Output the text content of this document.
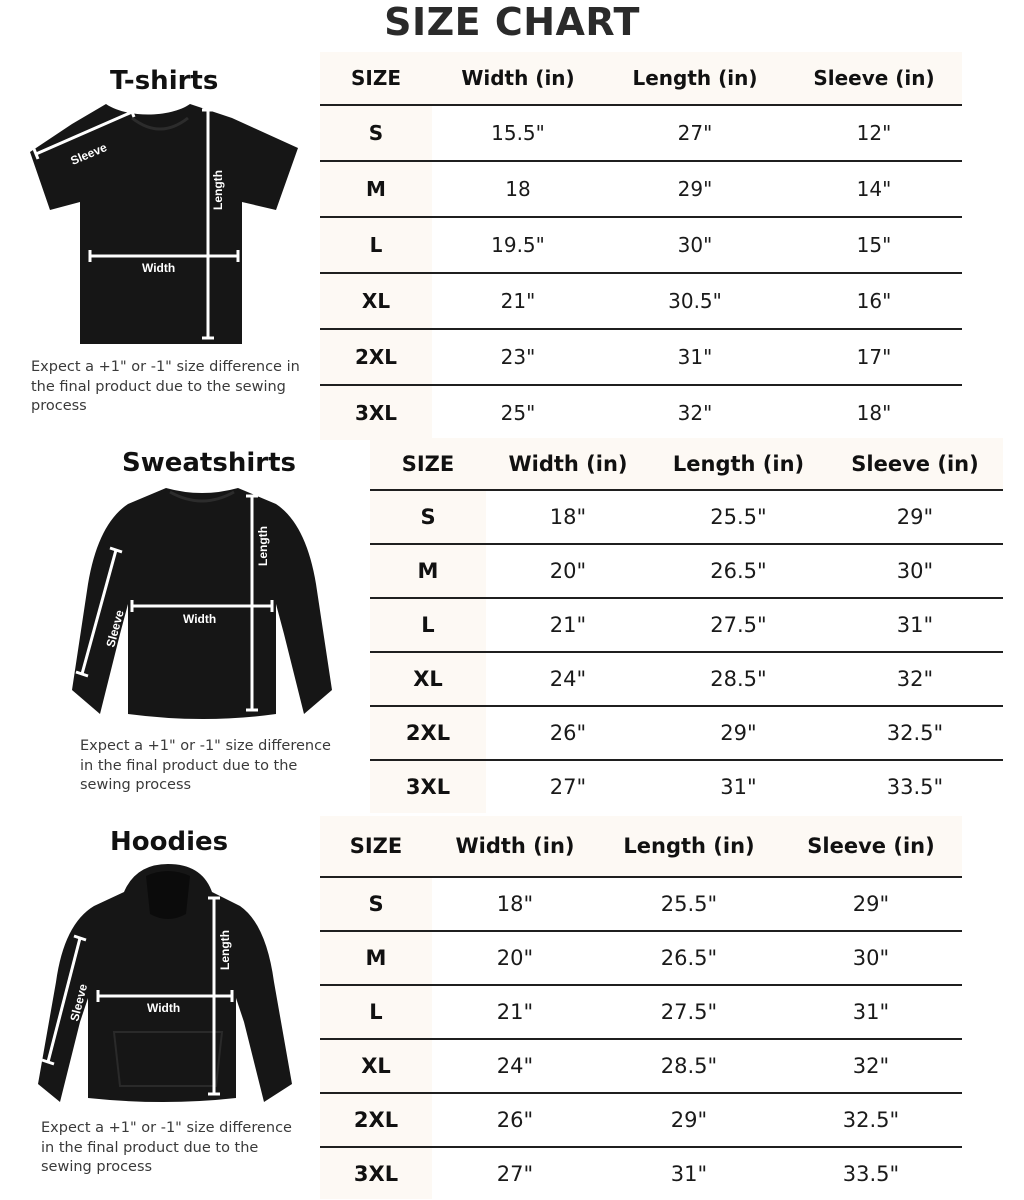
SIZE CHART
T-shirts
Sleeve
Length
Width
Expect a +1" or -1" size difference in the final product due to the sewing process
SIZE	Width (in)	Length (in)	Sleeve (in)
S	15.5"	27"	12"
M	18	29"	14"
L	19.5"	30"	15"
XL	21"	30.5"	16"
2XL	23"	31"	17"
3XL	25"	32"	18"
Sweatshirts
Sleeve
Length
Width
Expect a +1" or -1" size difference in the final product due to the sewing process
SIZE	Width (in)	Length (in)	Sleeve (in)
S	18"	25.5"	29"
M	20"	26.5"	30"
L	21"	27.5"	31"
XL	24"	28.5"	32"
2XL	26"	29"	32.5"
3XL	27"	31"	33.5"
Hoodies
Sleeve
Length
Width
Expect a +1" or -1" size difference in the final product due to the sewing process
SIZE	Width (in)	Length (in)	Sleeve (in)
S	18"	25.5"	29"
M	20"	26.5"	30"
L	21"	27.5"	31"
XL	24"	28.5"	32"
2XL	26"	29"	32.5"
3XL	27"	31"	33.5"
